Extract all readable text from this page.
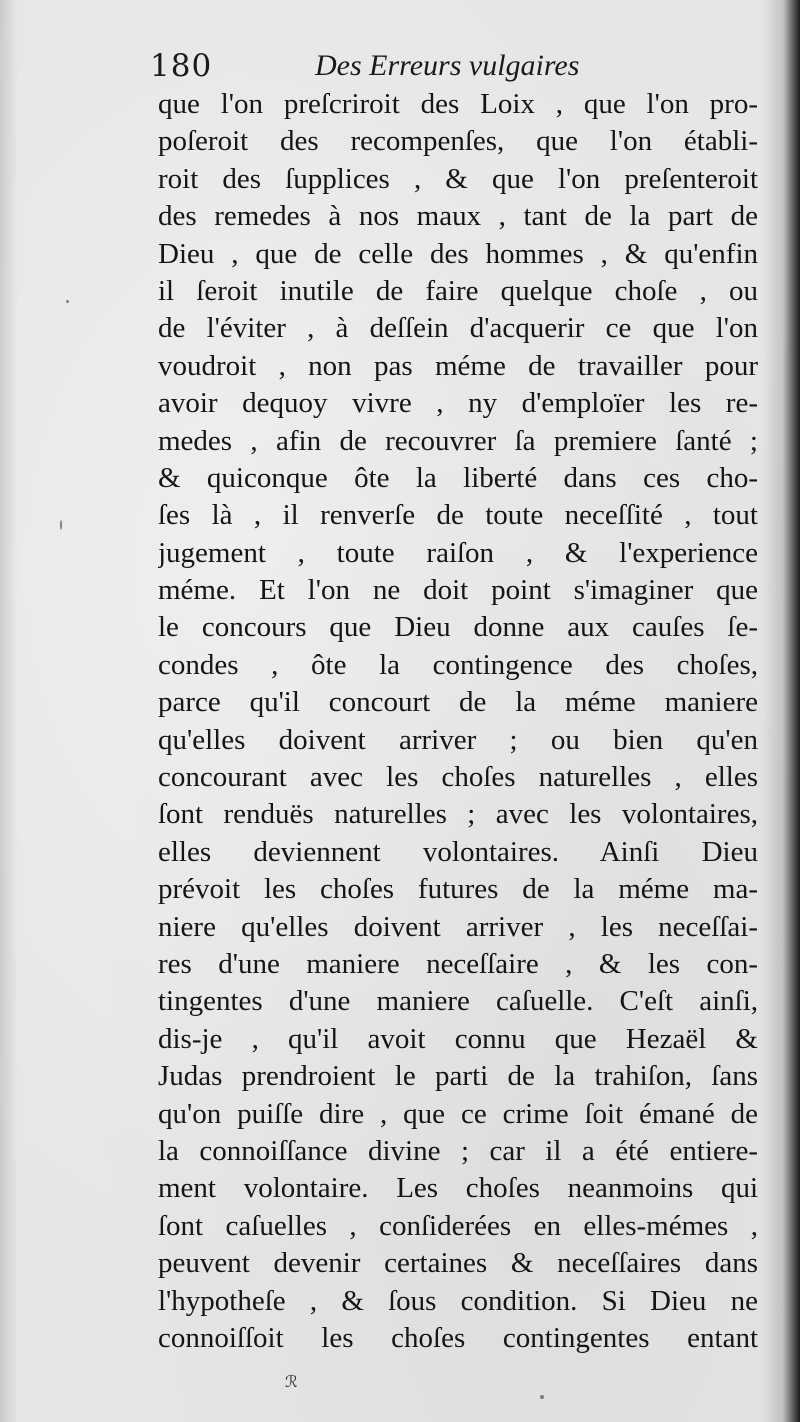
180	Des Erreurs vulgaires
que l'on preſcriroit des Loix , que l'on pro-
poſeroit des recompenſes, que l'on établi-
roit des ſupplices , & que l'on preſenteroit
des remedes à nos maux , tant de la part de
Dieu , que de celle des hommes , & qu'enfin
il ſeroit inutile de faire quelque choſe , ou
de l'éviter , à deſſein d'acquerir ce que l'on
voudroit , non pas méme de travailler pour
avoir dequoy vivre , ny d'emploïer les re-
medes , afin de recouvrer ſa premiere ſanté ;
& quiconque ôte la liberté dans ces cho-
ſes là , il renverſe de toute neceſſité , tout
jugement , toute raiſon , & l'experience
méme. Et l'on ne doit point s'imaginer que
le concours que Dieu donne aux cauſes ſe-
condes , ôte la contingence des choſes,
parce qu'il concourt de la méme maniere
qu'elles doivent arriver ; ou bien qu'en
concourant avec les choſes naturelles , elles
ſont renduës naturelles ; avec les volontaires,
elles deviennent volontaires. Ainſi Dieu
prévoit les choſes futures de la méme ma-
niere qu'elles doivent arriver , les neceſſai-
res d'une maniere neceſſaire , & les con-
tingentes d'une maniere caſuelle. C'eſt ainſi,
dis-je , qu'il avoit connu que Hezaël &
Judas prendroient le parti de la trahiſon, ſans
qu'on puiſſe dire , que ce crime ſoit émané de
la connoiſſance divine ; car il a été entiere-
ment volontaire. Les choſes neanmoins qui
ſont caſuelles , conſiderées en elles-mémes ,
peuvent devenir certaines & neceſſaires dans
l'hypotheſe , & ſous condition. Si Dieu ne
connoiſſoit les choſes contingentes entant
ℛ
